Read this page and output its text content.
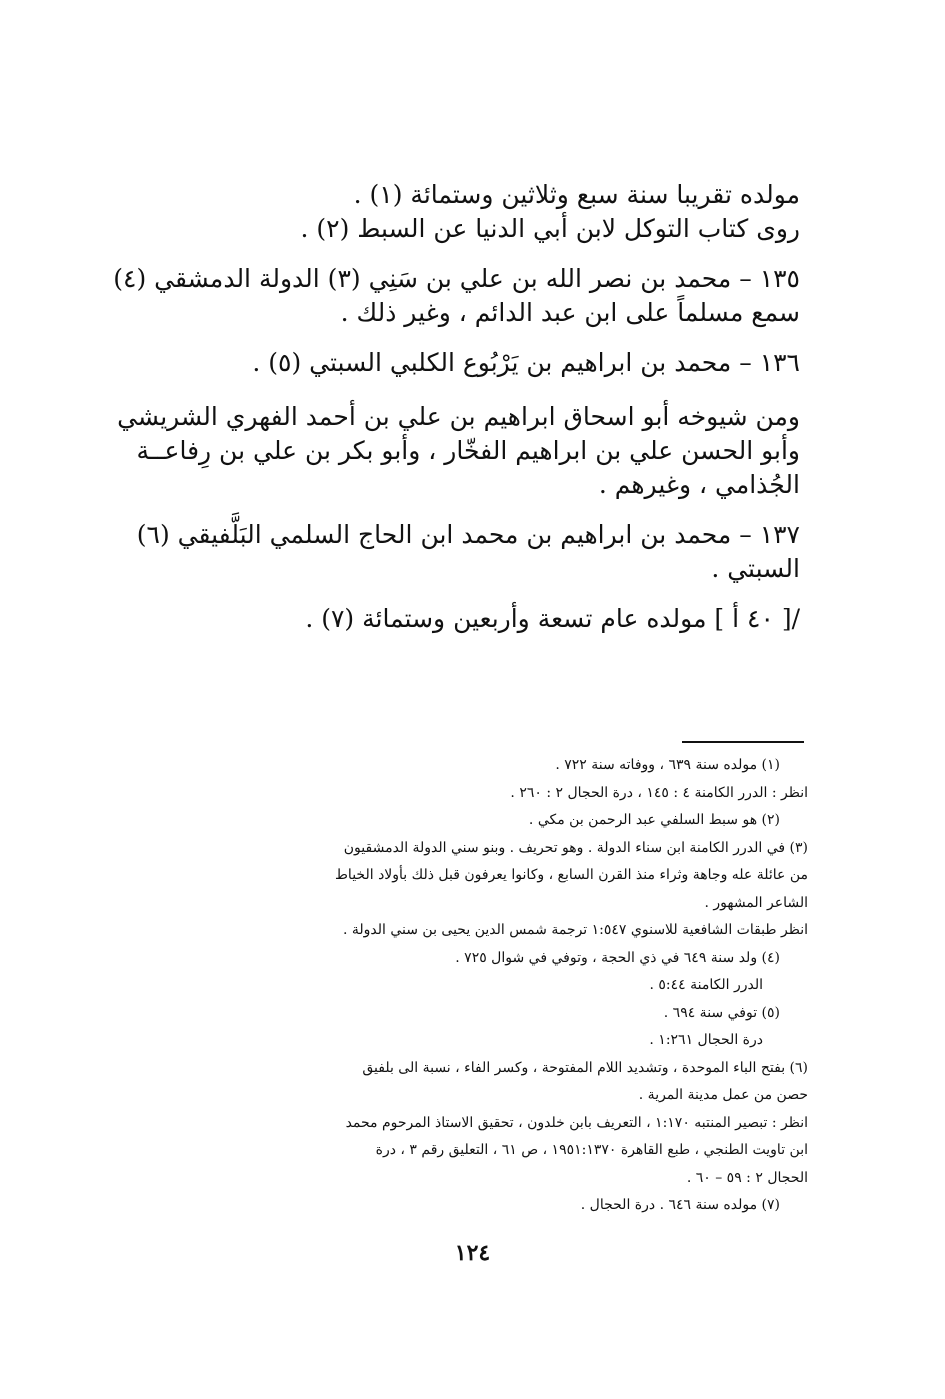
مولده تقريبا سنة سبع وثلاثين وستمائة (١) .

روى كتاب التوكل لابن أبي الدنيا عن السبط (٢) .

١٣٥ – محمد بن نصر الله بن علي بن سَنِي (٣) الدولة الدمشقي (٤)

سمع مسلماً على ابن عبد الدائم ، وغير ذلك .

١٣٦ – محمد بن ابراهيم بن يَرْبُوع الكلبي السبتي (٥) .

ومن شيوخه أبو اسحاق ابراهيم بن علي بن أحمد الفهري الشريشي

وأبو الحسن علي بن ابراهيم الفخّار ، وأبو بكر بن علي بن رِفاعــة

الجُذامي ، وغيرهم .

١٣٧ – محمد بن ابراهيم بن محمد ابن الحاج السلمي البَلَّفيقي (٦)

السبتي .

/[ ٤٠ أ ] مولده عام تسعة وأربعين وستمائة (٧) .

(١) مولده سنة ٦٣٩ ، ووفاته سنة ٧٢٢ .

انظر : الدرر الكامنة ٤ : ١٤٥ ، درة الحجال ٢ : ٢٦٠ .

(٢) هو سبط السلفي عبد الرحمن بن مكي .

(٣) في الدرر الكامنة ابن سناء الدولة . وهو تحريف . وبنو سني الدولة الدمشقيون

من عائلة عله وجاهة وثراء منذ القرن السابع ، وكانوا يعرفون قبل ذلك بأولاد الخياط

الشاعر المشهور .

انظر طبقات الشافعية للاسنوي ١:٥٤٧ ترجمة شمس الدين يحيى بن سني الدولة .

(٤) ولد سنة ٦٤٩ في ذي الحجة ، وتوفي في شوال ٧٢٥ .

الدرر الكامنة ٥:٤٤ .

(٥) توفي سنة ٦٩٤ .

درة الحجال ١:٢٦١ .

(٦) بفتح الباء الموحدة ، وتشديد اللام المفتوحة ، وكسر الفاء ، نسبة الى بلفيق

حصن من عمل مدينة المرية .

انظر : تبصير المنتبه ١:١٧٠ ، التعريف بابن خلدون ، تحقيق الاستاذ المرحوم محمد

ابن تاويت الطنجي ، طبع القاهرة ١٩٥١:١٣٧٠ ، ص ٦١ ، التعليق رقم ٣ ، درة

الحجال ٢ : ٥٩ – ٦٠ .

(٧) مولده سنة ٦٤٦ . درة الحجال .

١٢٤
